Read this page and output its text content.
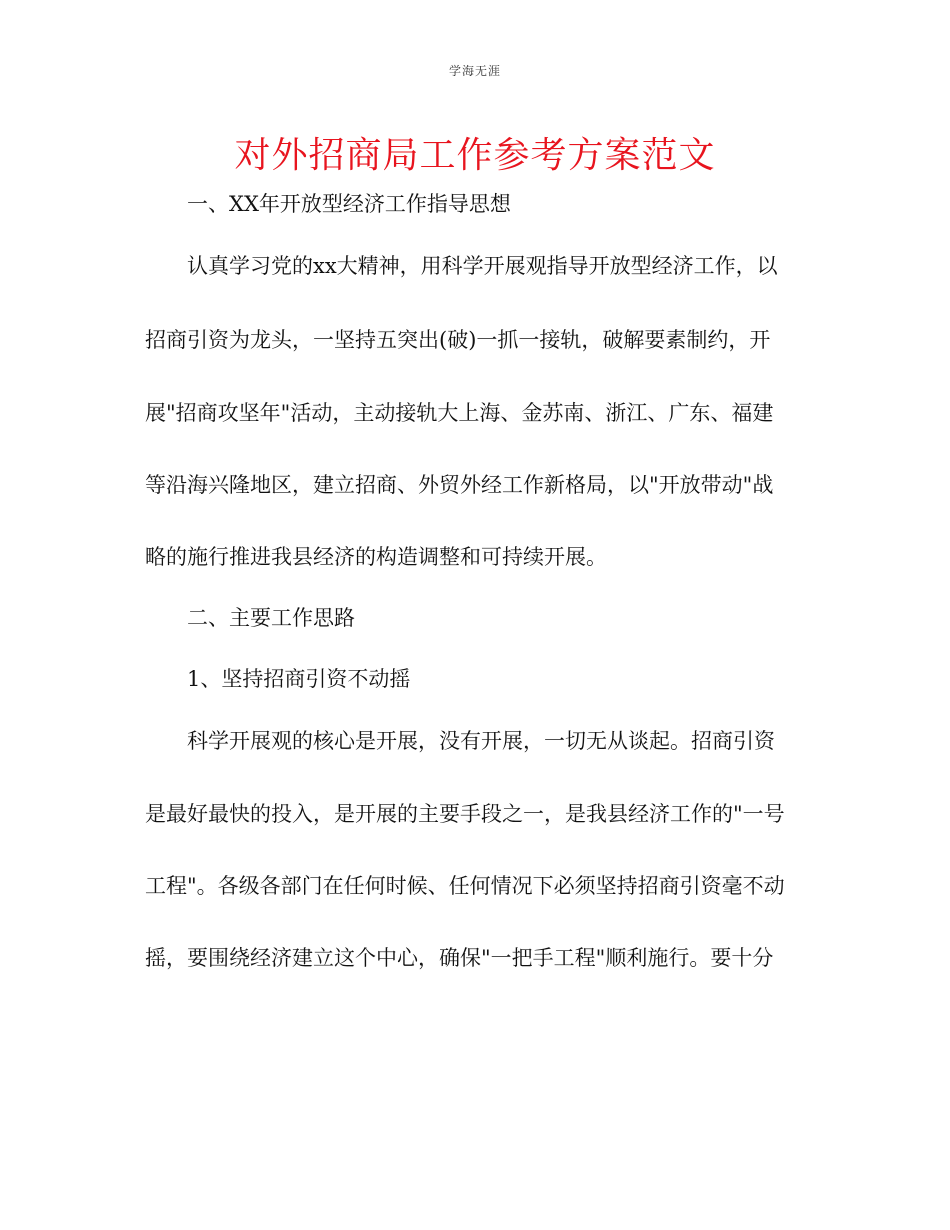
学海无涯
对外招商局工作参考方案范文
一、XX年开放型经济工作指导思想
认真学习党的xx大精神，用科学开展观指导开放型经济工作，以
招商引资为龙头，一坚持五突出(破)一抓一接轨，破解要素制约，开
展"招商攻坚年"活动，主动接轨大上海、金苏南、浙江、广东、福建
等沿海兴隆地区，建立招商、外贸外经工作新格局，以"开放带动"战
略的施行推进我县经济的构造调整和可持续开展。
二、主要工作思路
1、坚持招商引资不动摇
科学开展观的核心是开展，没有开展，一切无从谈起。招商引资
是最好最快的投入，是开展的主要手段之一，是我县经济工作的"一号
工程"。各级各部门在任何时候、任何情况下必须坚持招商引资毫不动
摇，要围绕经济建立这个中心，确保"一把手工程"顺利施行。要十分
